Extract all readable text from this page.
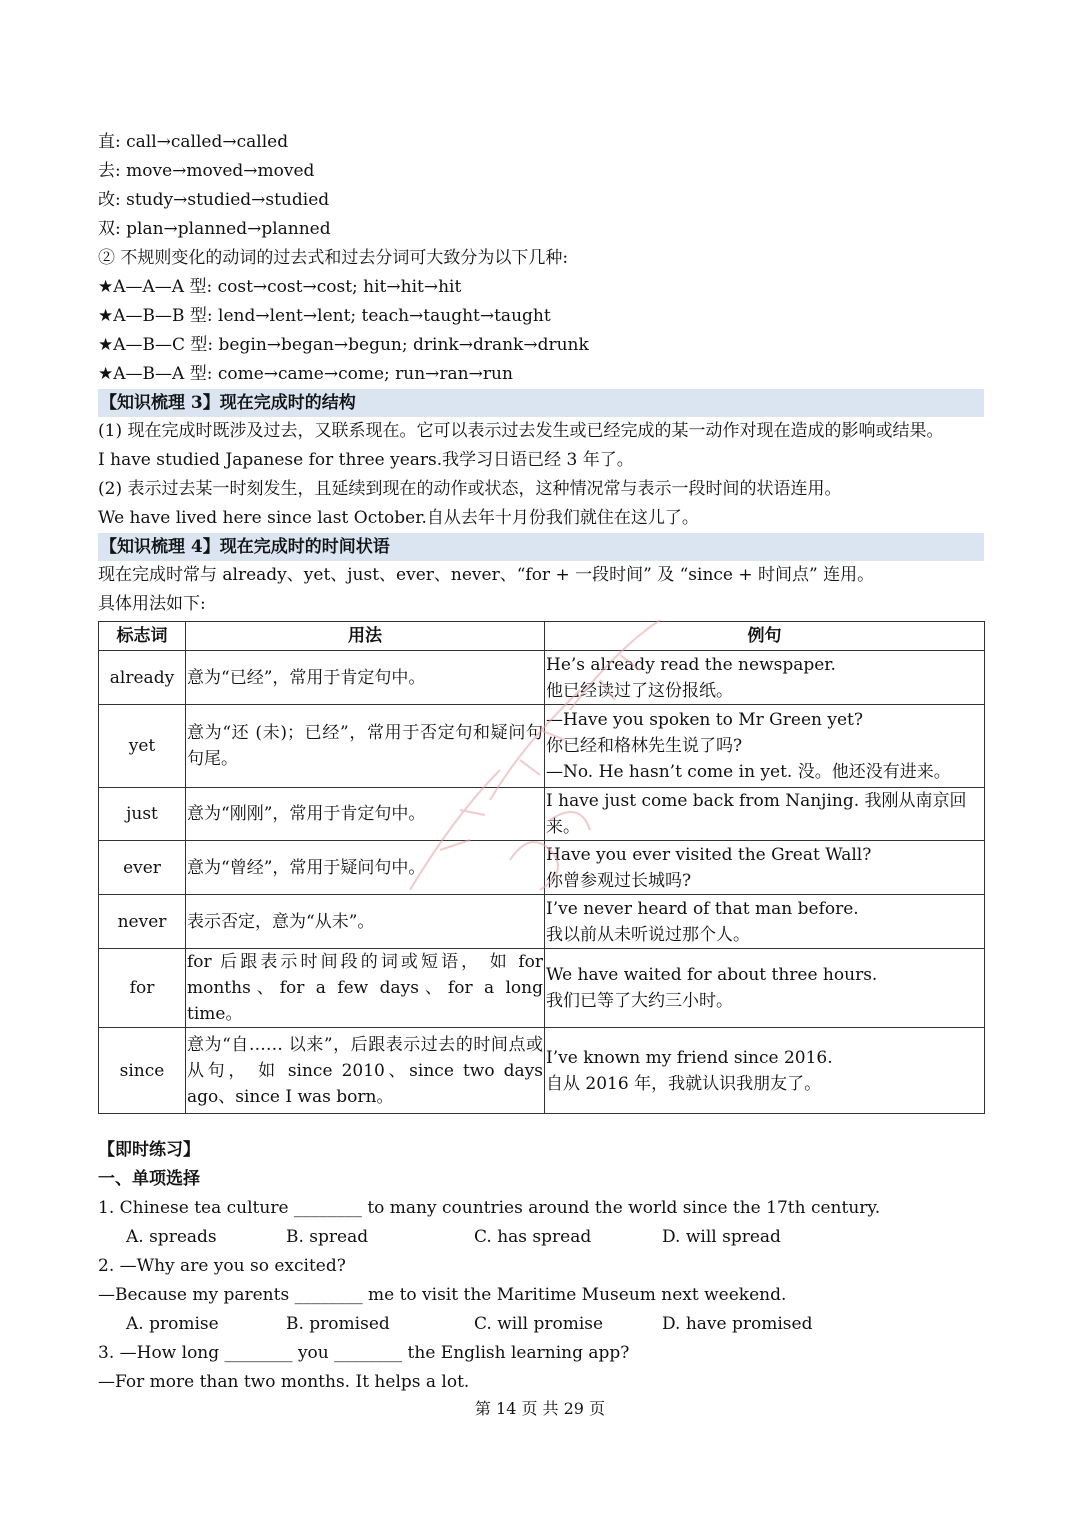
直: call→called→called
去: move→moved→moved
改: study→studied→studied
双: plan→planned→planned
② 不规则变化的动词的过去式和过去分词可大致分为以下几种:
★A—A—A 型: cost→cost→cost; hit→hit→hit
★A—B—B 型: lend→lent→lent; teach→taught→taught
★A—B—C 型: begin→began→begun; drink→drank→drunk
★A—B—A 型: come→came→come; run→ran→run
【知识梳理 3】现在完成时的结构
(1) 现在完成时既涉及过去，又联系现在。它可以表示过去发生或已经完成的某一动作对现在造成的影响或结果。
I have studied Japanese for three years.我学习日语已经 3 年了。
(2) 表示过去某一时刻发生，且延续到现在的动作或状态，这种情况常与表示一段时间的状语连用。
We have lived here since last October.自从去年十月份我们就住在这儿了。
【知识梳理 4】现在完成时的时间状语
现在完成时常与 already、yet、just、ever、never、“for + 一段时间” 及 “since + 时间点” 连用。
具体用法如下:
标志词	用法	例句
already	意为“已经”，常用于肯定句中。	He’s already read the newspaper.
他已经读过了这份报纸。

yet	意为“还 (未)；已经”，常用于否定句和疑问句句尾。	—Have you spoken to Mr Green yet?
你已经和格林先生说了吗?
—No. He hasn’t come in yet. 没。他还没有进来。

just	意为“刚刚”，常用于肯定句中。	I have just come back from Nanjing. 我刚从南京回来。

ever	意为“曾经”，常用于疑问句中。	Have you ever visited the Great Wall?
你曾参观过长城吗?

never	表示否定，意为“从未”。	I’ve never heard of that man before.
我以前从未听说过那个人。

for	for 后跟表示时间段的词或短语， 如 for months、for a few days、for a long time。	We have waited for about three hours.
我们已等了大约三小时。

since	意为“自…… 以来”，后跟表示过去的时间点或从句， 如 since 2010、since two days ago、since I was born。	I’ve known my friend since 2016.
自从 2016 年，我就认识我朋友了。
【即时练习】
一、单项选择
1. Chinese tea culture ________ to many countries around the world since the 17th century.
A. spreads	B. spread	C. has spread	D. will spread
2. —Why are you so excited?
—Because my parents ________ me to visit the Maritime Museum next weekend.
A. promise	B. promised	C. will promise	D. have promised
3. —How long ________ you ________ the English learning app?
—For more than two months. It helps a lot.
第 14 页 共 29 页
